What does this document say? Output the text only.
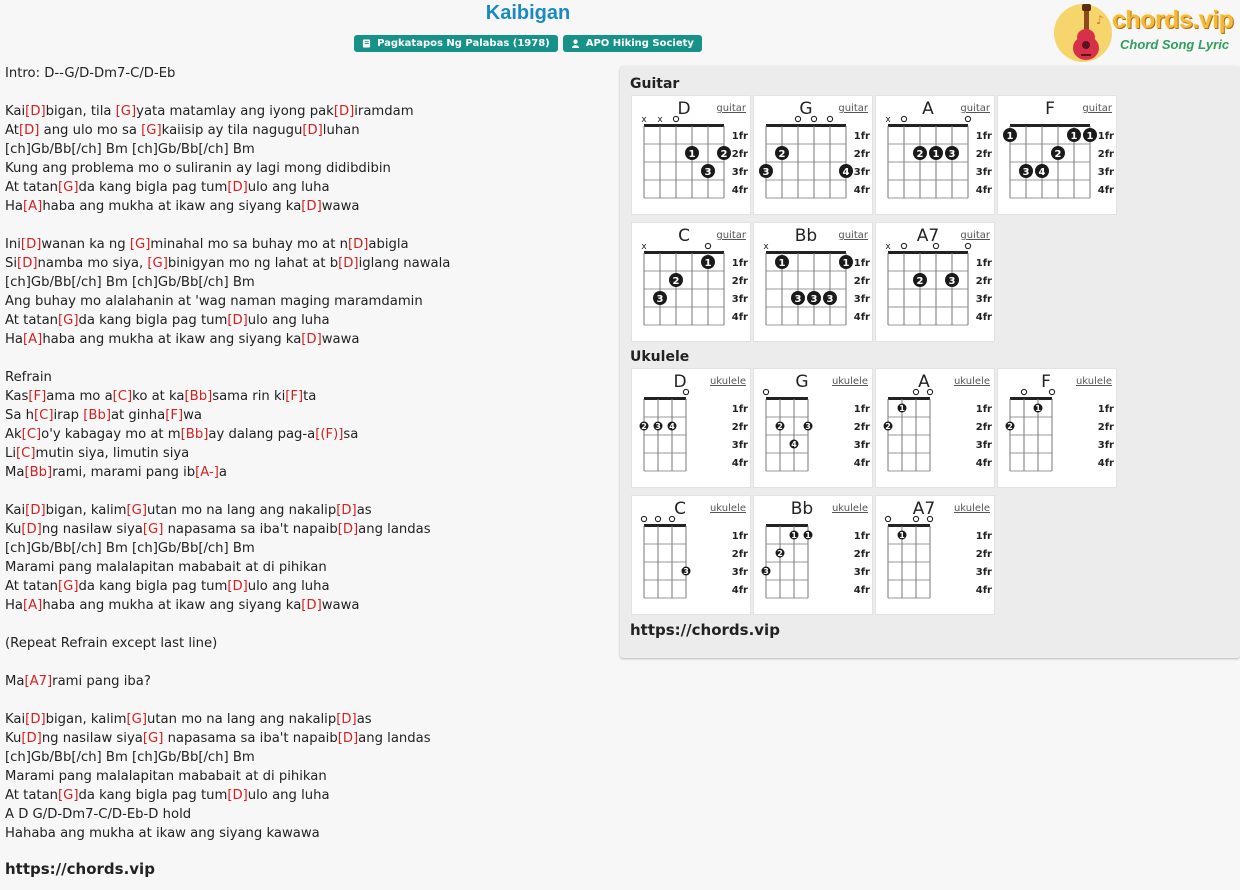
Kaibigan
Pagkatapos Ng Palabas (1978)	APO Hiking Society
♪ chords.vip
Chord Song Lyric
Intro: D--G/D-Dm7-C/D-Eb
Kai[D]bigan, tila [G]yata matamlay ang iyong pak[D]iramdam
At[D] ang ulo mo sa [G]kaiisip ay tila nagugu[D]luhan
[ch]Gb/Bb[/ch] Bm [ch]Gb/Bb[/ch] Bm
Kung ang problema mo o suliranin ay lagi mong didibdibin
At tatan[G]da kang bigla pag tum[D]ulo ang luha
Ha[A]haba ang mukha at ikaw ang siyang ka[D]wawa
Ini[D]wanan ka ng [G]minahal mo sa buhay mo at n[D]abigla
Si[D]namba mo siya, [G]binigyan mo ng lahat at b[D]iglang nawala
[ch]Gb/Bb[/ch] Bm [ch]Gb/Bb[/ch] Bm
Ang buhay mo alalahanin at 'wag naman maging maramdamin
At tatan[G]da kang bigla pag tum[D]ulo ang luha
Ha[A]haba ang mukha at ikaw ang siyang ka[D]wawa
Refrain
Kas[F]ama mo a[C]ko at ka[Bb]sama rin ki[F]ta
Sa h[C]irap [Bb]at ginha[F]wa
Ak[C]o'y kabagay mo at m[Bb]ay dalang pag-a[(F)]sa
Li[C]mutin siya, limutin siya
Ma[Bb]rami, marami pang ib[A-]a
Kai[D]bigan, kalim[G]utan mo na lang ang nakalip[D]as
Ku[D]ng nasilaw siya[G] napasama sa iba't napaib[D]ang landas
[ch]Gb/Bb[/ch] Bm [ch]Gb/Bb[/ch] Bm
Marami pang malalapitan mababait at di pihikan
At tatan[G]da kang bigla pag tum[D]ulo ang luha
Ha[A]haba ang mukha at ikaw ang siyang ka[D]wawa
(Repeat Refrain except last line)
Ma[A7]rami pang iba?
Kai[D]bigan, kalim[G]utan mo na lang ang nakalip[D]as
Ku[D]ng nasilaw siya[G] napasama sa iba't napaib[D]ang landas
[ch]Gb/Bb[/ch] Bm [ch]Gb/Bb[/ch] Bm
Marami pang malalapitan mababait at di pihikan
At tatan[G]da kang bigla pag tum[D]ulo ang luha
A D G/D-Dm7-C/D-Eb-D hold
Hahaba ang mukha at ikaw ang siyang kawawa
https://chords.vip
Guitar
Ukulele
https://chords.vip
D	guitar
1fr
2fr
3fr
4fr
x x
1	2
3
G	guitar
1fr
2fr
3fr
4fr
2
3	4
A	guitar
1fr
2fr
3fr
4fr
x
2 1 3
F	guitar
1fr
2fr
3fr
4fr
1	1 1
2
3 4
C	guitar
1fr
2fr
3fr
4fr
x
1
2
3
Bb guitar
1fr
2fr
3fr
4fr
x
1	1
3 3 3
A7 guitar
1fr
2fr
3fr
4fr
x
2	3
D ukulele
1fr
2fr
3fr
4fr
2 3 4
G ukulele
1fr
2fr
3fr
4fr
2	3
4
A ukulele
1fr
2fr
3fr
4fr
1
2
F	ukulele
1fr
2fr
3fr
4fr
1
2
C ukulele
1fr
2fr
3fr
4fr
3
Bb ukulele
1fr
2fr
3fr
4fr
1 1
2
3
A7 ukulele
1fr
2fr
3fr
4fr
1
